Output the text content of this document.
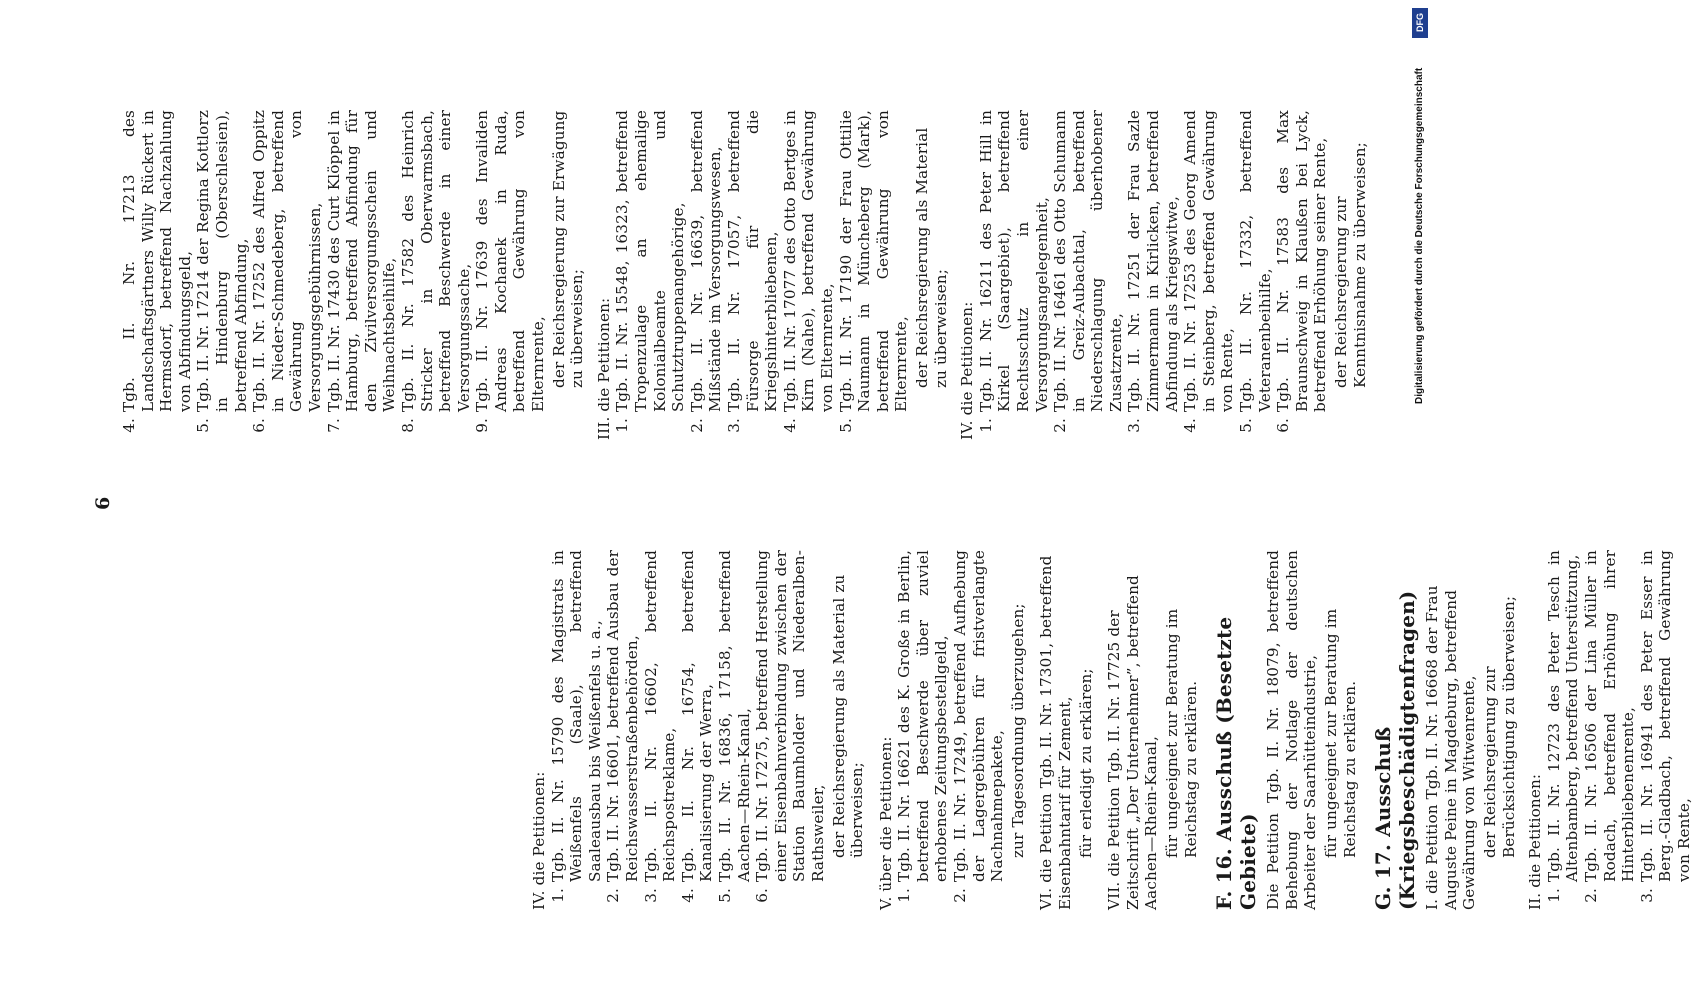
6

IV. die Petitionen: 1.
Tgb. II. Nr. 15790 des Magistrats in Weißenfels (Saale), betreffend Saaleausbau bis Weißenfels u. a.,
2.
Tgb. II. Nr. 16601, betreffend Ausbau der Reichswasserstraßenbehörden,
3.
Tgb. II. Nr. 16602, betreffend Reichspostreklame,
4.
Tgb. II. Nr. 16754, betreffend Kanalisierung der Werra,
5.
Tgb. II. Nr. 16836, 17158, betreffend Aachen—Rhein-Kanal,
6.
Tgb. II. Nr. 17275, betreffend Herstellung einer Eisenbahnverbindung zwischen der Station Baumholder und Niederalben-Rathsweiler, der Reichsregierung als Material zu überweisen; V. über die Petitionen: 1.
Tgb. II. Nr. 16621 des K. Große in Berlin, betreffend Beschwerde über zuviel erhobenes Zeitungsbestellgeld,
2.
Tgb. II. Nr. 17249, betreffend Aufhebung der Lagergebühren für fristverlangte Nachnahmepakete, zur Tagesordnung überzugehen; VI. die Petition Tgb. II. Nr. 17301, betreffend Eisenbahntarif für Zement, für erledigt zu erklären; VII. die Petition Tgb. II. Nr. 17725 der Zeitschrift „Der Unternehmer”, betreffend Aachen—Rhein-Kanal, für ungeeignet zur Beratung im Reichstag zu erklären. F. 16. Ausschuß (Besetzte Gebiete) Die Petition Tgb. II. Nr. 18079, betreffend Behebung der Notlage der deutschen Arbeiter der Saarhütteindustrie, für ungeeignet zur Beratung im Reichstag zu erklären. G. 17. Ausschuß (Kriegsbeschädigtenfragen) I. die Petition Tgb. II. Nr. 16668 der Frau Auguste Peine in Magdeburg, betreffend Gewährung von Witwenrente, der Reichsregierung zur Berücksichtigung zu überweisen; II. die Petitionen: 1.
Tgb. II. Nr. 12723 des Peter Tesch in Altenbamberg, betreffend Unterstützung,
2.
Tgb. II. Nr. 16506 der Lina Müller in Rodach, betreffend Erhöhung ihrer Hinterbliebenenrente,
3.
Tgb. II. Nr. 16941 des Peter Esser in Berg.-Gladbach, betreffend Gewährung von Rente,
4.
Tgb. II. Nr. 17213 des Landschaftsgärtners Willy Rückert in Hermsdorf, betreffend Nachzahlung von Abfindungsgeld,
5.
Tgb. II. Nr. 17214 der Regina Kottlorz in Hindenburg (Oberschlesien), betreffend Abfindung,
6.
Tgb. II. Nr. 17252 des Alfred Oppitz in Nieder-Schmedeberg, betreffend Gewährung von Versorgungsgebührnissen,
7.
Tgb. II. Nr. 17430 des Curt Klöppel in Hamburg, betreffend Abfindung für den Zivilversorgungsschein und Weihnachtsbeihilfe,
8.
Tgb. II. Nr. 17582 des Heinrich Stricker in Oberwarmsbach, betreffend Beschwerde in einer Versorgungssache,
9.
Tgb. II. Nr. 17639 des Invaliden Andreas Kochanek in Ruda, betreffend Gewährung von Elternrente, der Reichsregierung zur Erwägung zu überweisen; III. die Petitionen: 1.
Tgb. II. Nr. 15548, 16323, betreffend Tropenzulage an ehemalige Kolonialbeamte und Schutztruppenangehörige,
2.
Tgb. II. Nr. 16639, betreffend Mißstände im Versorgungswesen,
3.
Tgb. II. Nr. 17057, betreffend Fürsorge für die Kriegshinterbliebenen,
4.
Tgb. II. Nr. 17077 des Otto Bertges in Kirn (Nahe), betreffend Gewährung von Elternrente,
5.
Tgb. II. Nr. 17190 der Frau Ottilie Naumann in Müncheberg (Mark), betreffend Gewährung von Elternrente, der Reichsregierung als Material zu überweisen; IV. die Petitionen: 1.
Tgb. II. Nr. 16211 des Peter Hill in Kirkel (Saargebiet), betreffend Rechtsschutz in einer Versorgungsangelegenheit,
2.
Tgb. II. Nr. 16461 des Otto Schumann in Greiz-Aubachtal, betreffend Niederschlagung überhobener Zusatzrente,
3.
Tgb. II. Nr. 17251 der Frau Sazle Zimmermann in Kirlicken, betreffend Abfindung als Kriegswitwe,
4.
Tgb. II. Nr. 17253 des Georg Amend in Steinberg, betreffend Gewährung von Rente,
5.
Tgb. II. Nr. 17332, betreffend Veteranenbeihilfe,
6.
Tgb. II. Nr. 17583 des Max Braunschweig in Klaußen bei Lyck, betreffend Erhöhung seiner Rente, der Reichsregierung zur Kenntnisnahme zu überweisen;

DFG
Digitalisierung gefördert durch die Deutsche Forschungsgemeinschaft
